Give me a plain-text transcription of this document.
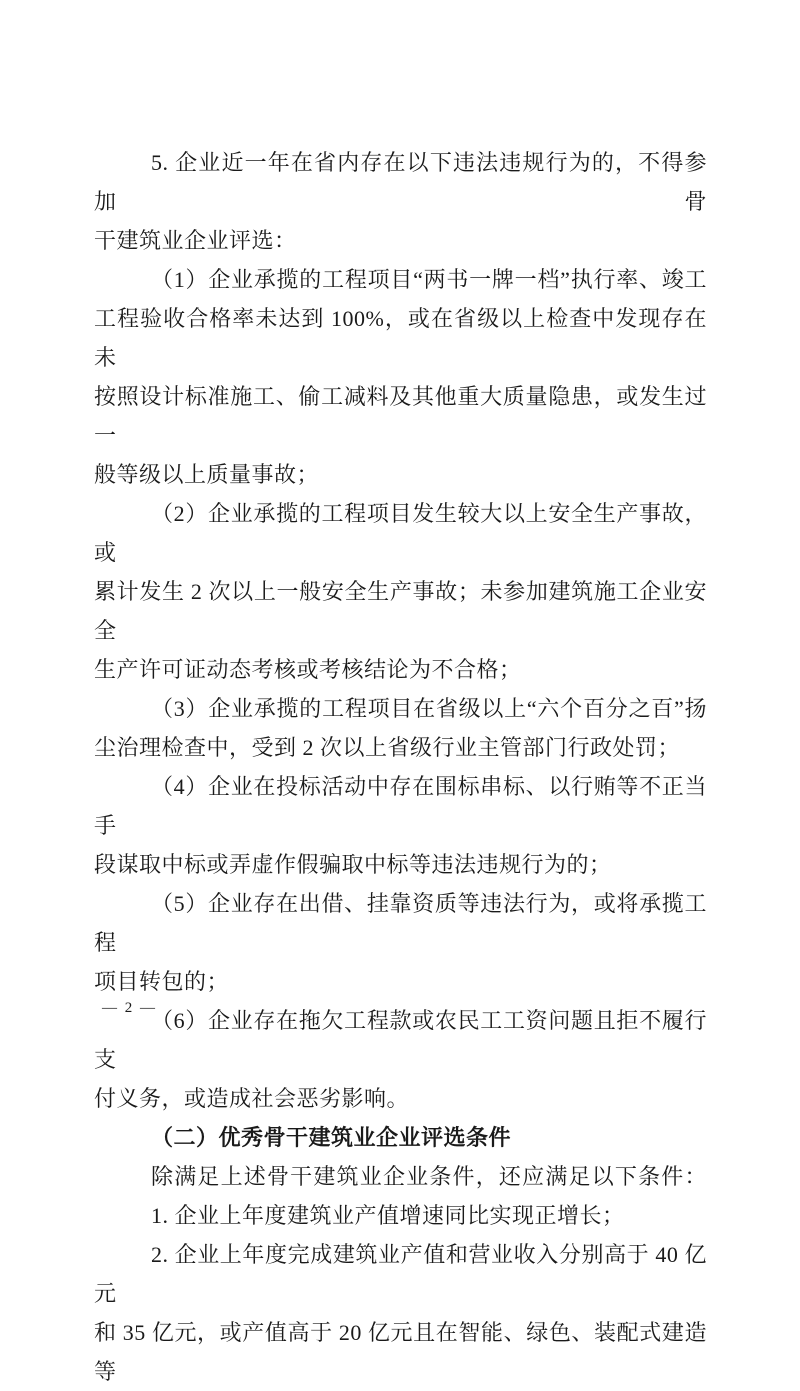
5. 企业近一年在省内存在以下违法违规行为的，不得参加骨

干建筑业企业评选：

（1）企业承揽的工程项目“两书一牌一档”执行率、竣工

工程验收合格率未达到 100%，或在省级以上检查中发现存在未

按照设计标准施工、偷工减料及其他重大质量隐患，或发生过一

般等级以上质量事故；

（2）企业承揽的工程项目发生较大以上安全生产事故，或

累计发生 2 次以上一般安全生产事故；未参加建筑施工企业安全

生产许可证动态考核或考核结论为不合格；

（3）企业承揽的工程项目在省级以上“六个百分之百”扬

尘治理检查中，受到 2 次以上省级行业主管部门行政处罚；

（4）企业在投标活动中存在围标串标、以行贿等不正当手

段谋取中标或弄虚作假骗取中标等违法违规行为的；

（5）企业存在出借、挂靠资质等违法行为，或将承揽工程

项目转包的；

（6）企业存在拖欠工程款或农民工工资问题且拒不履行支

付义务，或造成社会恶劣影响。

（二）优秀骨干建筑业企业评选条件

除满足上述骨干建筑业企业条件，还应满足以下条件：

1. 企业上年度建筑业产值增速同比实现正增长；

2. 企业上年度完成建筑业产值和营业收入分别高于 40 亿元

和 35 亿元，或产值高于 20 亿元且在智能、绿色、装配式建造等

— 2 —
